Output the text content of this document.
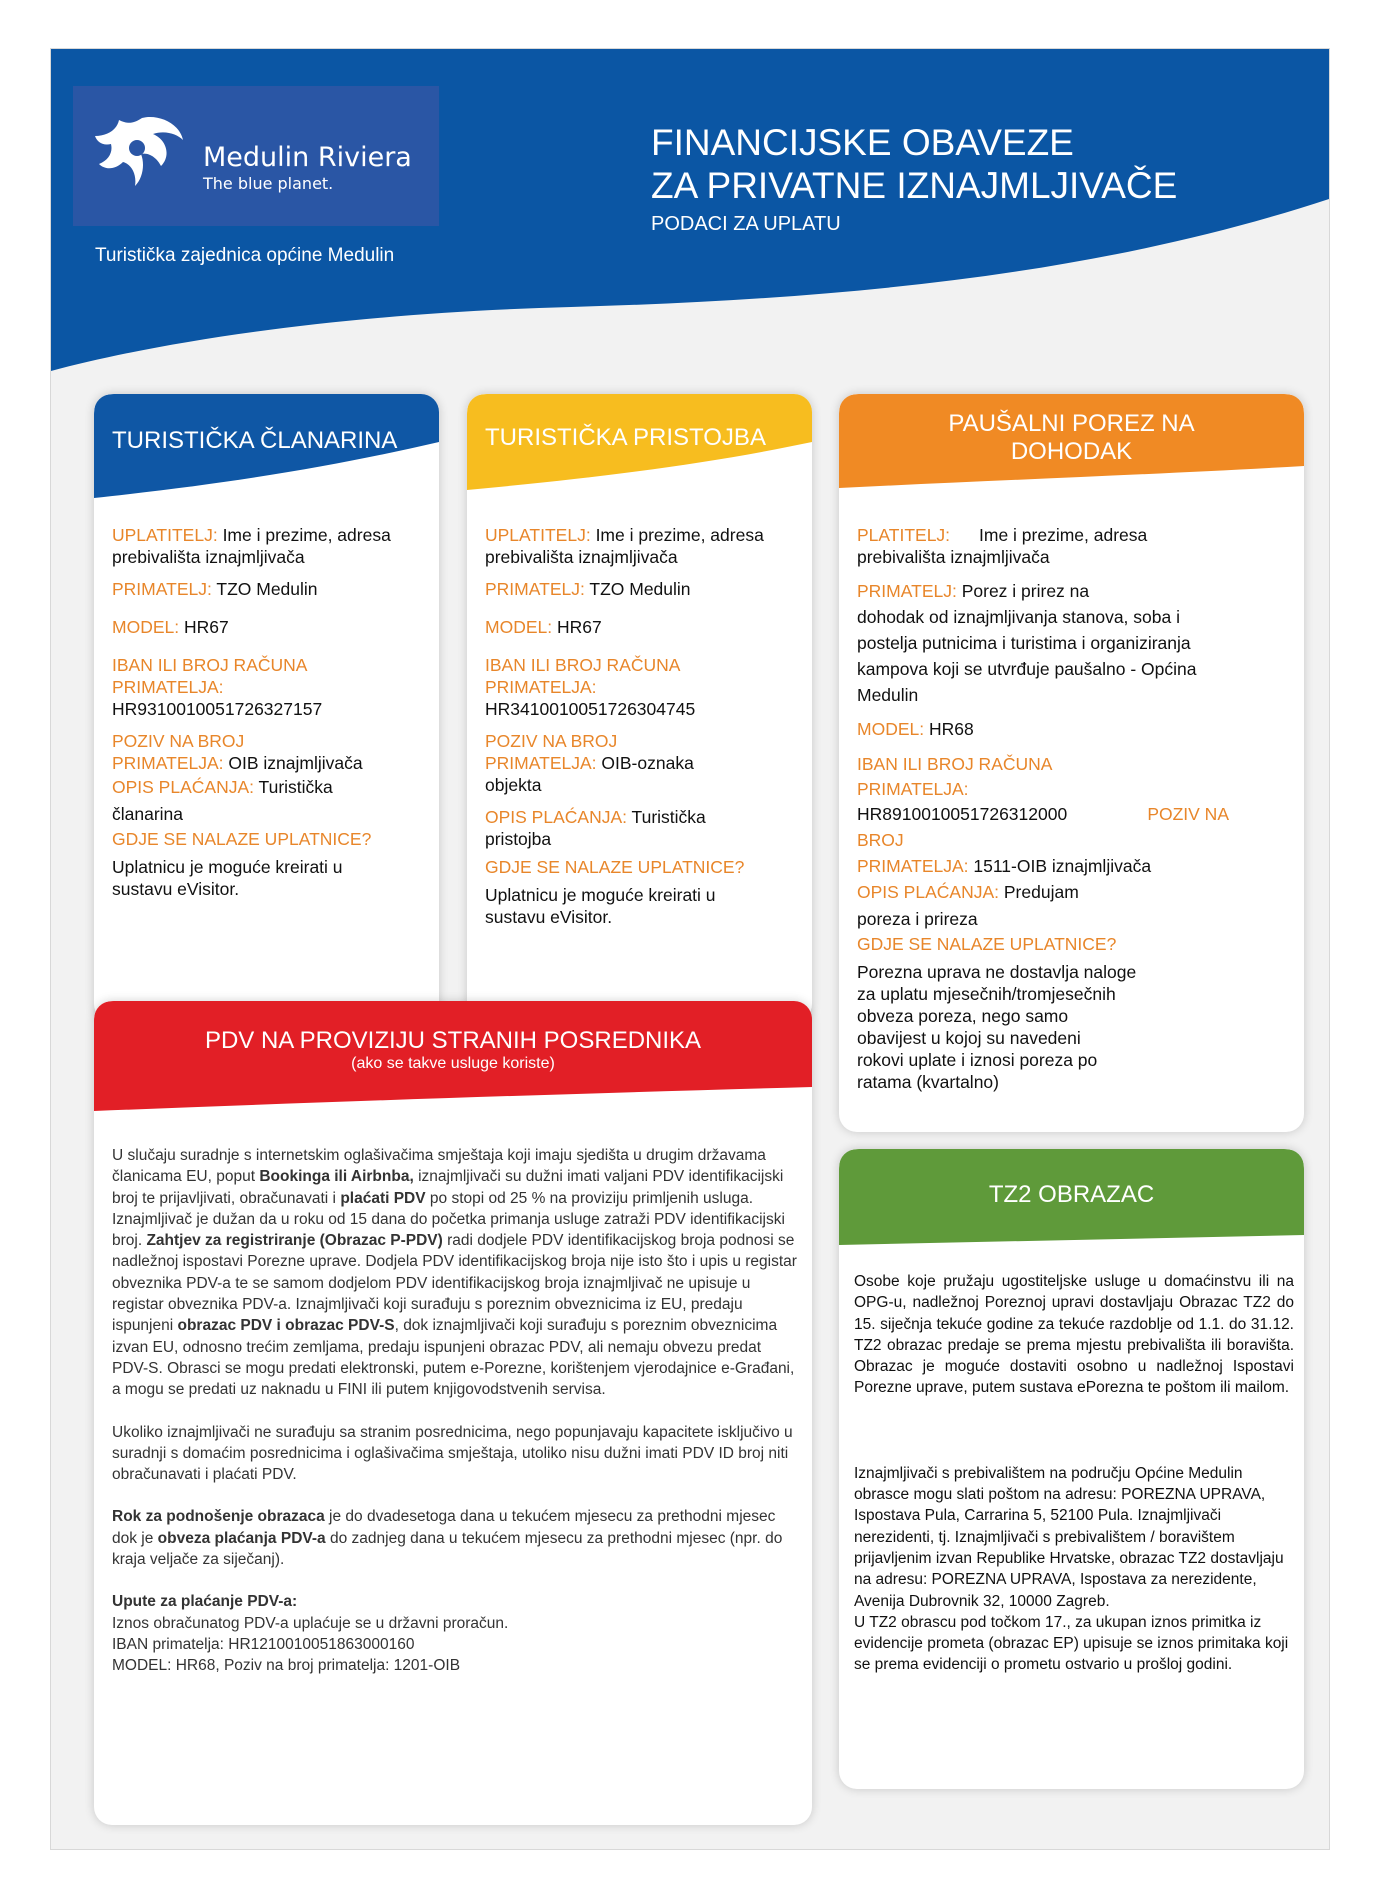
Medulin Riviera
The blue planet.
Turistička zajednica općine Medulin
FINANCIJSKE OBAVEZE
ZA PRIVATNE IZNAJMLJIVAČE
PODACI ZA UPLATU
TURISTIČKA ČLANARINA
UPLATITELJ: Ime i prezime, adresa
prebivališta iznajmljivača
PRIMATELJ: TZO Medulin
MODEL: HR67
IBAN ILI BROJ RAČUNA
PRIMATELJA:
HR9310010051726327157
POZIV NA BROJ
PRIMATELJA: OIB iznajmljivača
OPIS PLAĆANJA: Turistička
članarina
GDJE SE NALAZE UPLATNICE?
Uplatnicu je moguće kreirati u
sustavu eVisitor.
TURISTIČKA PRISTOJBA
UPLATITELJ: Ime i prezime, adresa
prebivališta iznajmljivača
PRIMATELJ: TZO Medulin
MODEL: HR67
IBAN ILI BROJ RAČUNA
PRIMATELJA:
HR3410010051726304745
POZIV NA BROJ
PRIMATELJA: OIB-oznaka
objekta
OPIS PLAĆANJA: Turistička
pristojba
GDJE SE NALAZE UPLATNICE?
Uplatnicu je moguće kreirati u
sustavu eVisitor.
PAUŠALNI POREZ NA
DOHODAK
PLATITELJ: Ime i prezime, adresa
prebivališta iznajmljivača
PRIMATELJ: Porez i prirez na
dohodak od iznajmljivanja stanova, soba i
postelja putnicima i turistima i organiziranja
kampova koji se utvrđuje paušalno - Općina
Medulin
MODEL: HR68
IBAN ILI BROJ RAČUNA
PRIMATELJA:

HR8910010051726312000	POZIV NA
BROJ
PRIMATELJA: 1511-OIB iznajmljivača
OPIS PLAĆANJA: Predujam
poreza i prireza
GDJE SE NALAZE UPLATNICE?
Porezna uprava ne dostavlja naloge
za uplatu mjesečnih/tromjesečnih
obveza poreza, nego samo
obavijest u kojoj su navedeni
rokovi uplate i iznosi poreza po
ratama (kvartalno)
PDV NA PROVIZIJU STRANIH POSREDNIKA
(ako se takve usluge koriste)
U slučaju suradnje s internetskim oglašivačima smještaja koji imaju sjedišta u drugim državama članicama EU, poput Bookinga ili Airbnba, iznajmljivači su dužni imati valjani PDV identifikacijski broj te prijavljivati, obračunavati i plaćati PDV po stopi od 25 % na proviziju primljenih usluga. Iznajmljivač je dužan da u roku od 15 dana do početka primanja usluge zatraži PDV identifikacijski broj. Zahtjev za registriranje (Obrazac P-PDV) radi dodjele PDV identifikacijskog broja podnosi se nadležnoj ispostavi Porezne uprave. Dodjela PDV identifikacijskog broja nije isto što i upis u registar obveznika PDV-a te se samom dodjelom PDV identifikacijskog broja iznajmljivač ne upisuje u registar obveznika PDV-a. Iznajmljivači koji surađuju s poreznim obveznicima iz EU, predaju ispunjeni obrazac PDV i obrazac PDV-S, dok iznajmljivači koji surađuju s poreznim obveznicima izvan EU, odnosno trećim zemljama, predaju ispunjeni obrazac PDV, ali nemaju obvezu predat PDV-S. Obrasci se mogu predati elektronski, putem e-Porezne, korištenjem vjerodajnice e-Građani, a mogu se predati uz naknadu u FINI ili putem knjigovodstvenih servisa.
Ukoliko iznajmljivači ne surađuju sa stranim posrednicima, nego popunjavaju kapacitete isključivo u suradnji s domaćim posrednicima i oglašivačima smještaja, utoliko nisu dužni imati PDV ID broj niti obračunavati i plaćati PDV.
Rok za podnošenje obrazaca je do dvadesetoga dana u tekućem mjesecu za prethodni mjesec dok je obveza plaćanja PDV-a do zadnjeg dana u tekućem mjesecu za prethodni mjesec (npr. do kraja veljače za siječanj).
Upute za plaćanje PDV-a:
Iznos obračunatog PDV-a uplaćuje se u državni proračun.
IBAN primatelja: HR1210010051863000160
MODEL: HR68, Poziv na broj primatelja: 1201-OIB
TZ2 OBRAZAC
Osobe koje pružaju ugostiteljske usluge u domaćinstvu ili na OPG-u, nadležnoj Poreznoj upravi dostavljaju Obrazac TZ2 do 15. siječnja tekuće godine za tekuće razdoblje od 1.1. do 31.12. TZ2 obrazac predaje se prema mjestu prebivališta ili boravišta. Obrazac je moguće dostaviti osobno u nadležnoj Ispostavi Porezne uprave, putem sustava ePorezna te poštom ili mailom.
Iznajmljivači s prebivalištem na području Općine Medulin obrasce mogu slati poštom na adresu: POREZNA UPRAVA, Ispostava Pula, Carrarina 5, 52100 Pula. Iznajmljivači nerezidenti, tj. Iznajmljivači s prebivalištem / boravištem prijavljenim izvan Republike Hrvatske, obrazac TZ2 dostavljaju na adresu: POREZNA UPRAVA, Ispostava za nerezidente, Avenija Dubrovnik 32, 10000 Zagreb.
U TZ2 obrascu pod točkom 17., za ukupan iznos primitka iz evidencije prometa (obrazac EP) upisuje se iznos primitaka koji se prema evidenciji o prometu ostvario u prošloj godini.
